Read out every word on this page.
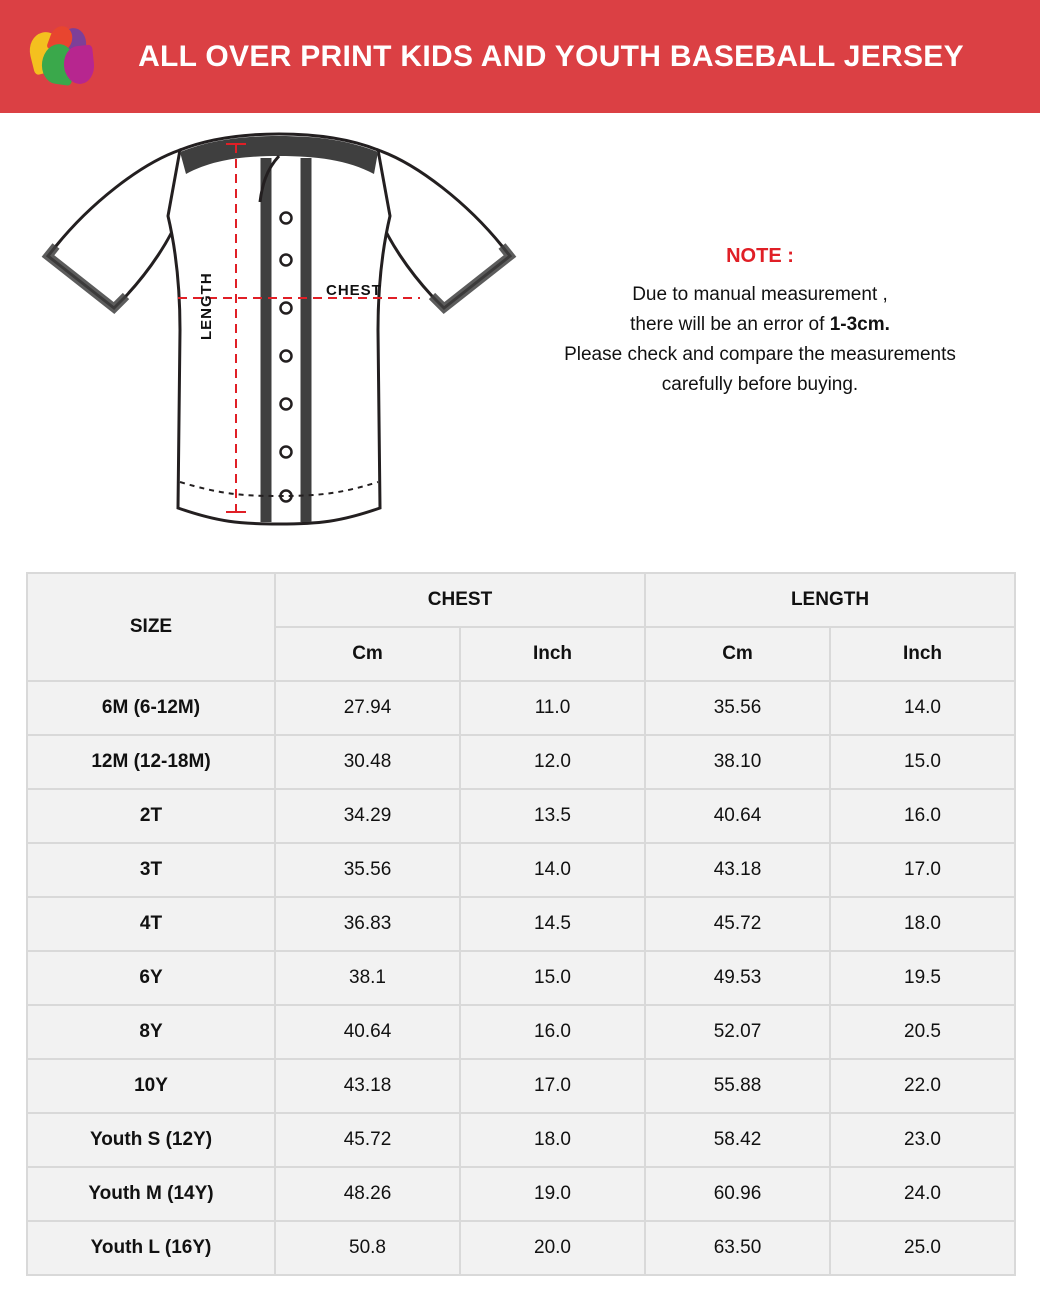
ALL OVER PRINT KIDS AND YOUTH BASEBALL JERSEY
CHEST
LENGTH
NOTE :
Due to manual measurement ,
there will be an error of 1-3cm.
Please check and compare the measurements
carefully before buying.
SIZE	CHEST		LENGTH	
	Cm	Inch	Cm	Inch
6M (6-12M)	27.94	11.0	35.56	14.0
12M (12-18M)	30.48	12.0	38.10	15.0
2T	34.29	13.5	40.64	16.0
3T	35.56	14.0	43.18	17.0
4T	36.83	14.5	45.72	18.0
6Y	38.1	15.0	49.53	19.5
8Y	40.64	16.0	52.07	20.5
10Y	43.18	17.0	55.88	22.0
Youth S (12Y)	45.72	18.0	58.42	23.0
Youth M (14Y)	48.26	19.0	60.96	24.0
Youth L (16Y)	50.8	20.0	63.50	25.0
